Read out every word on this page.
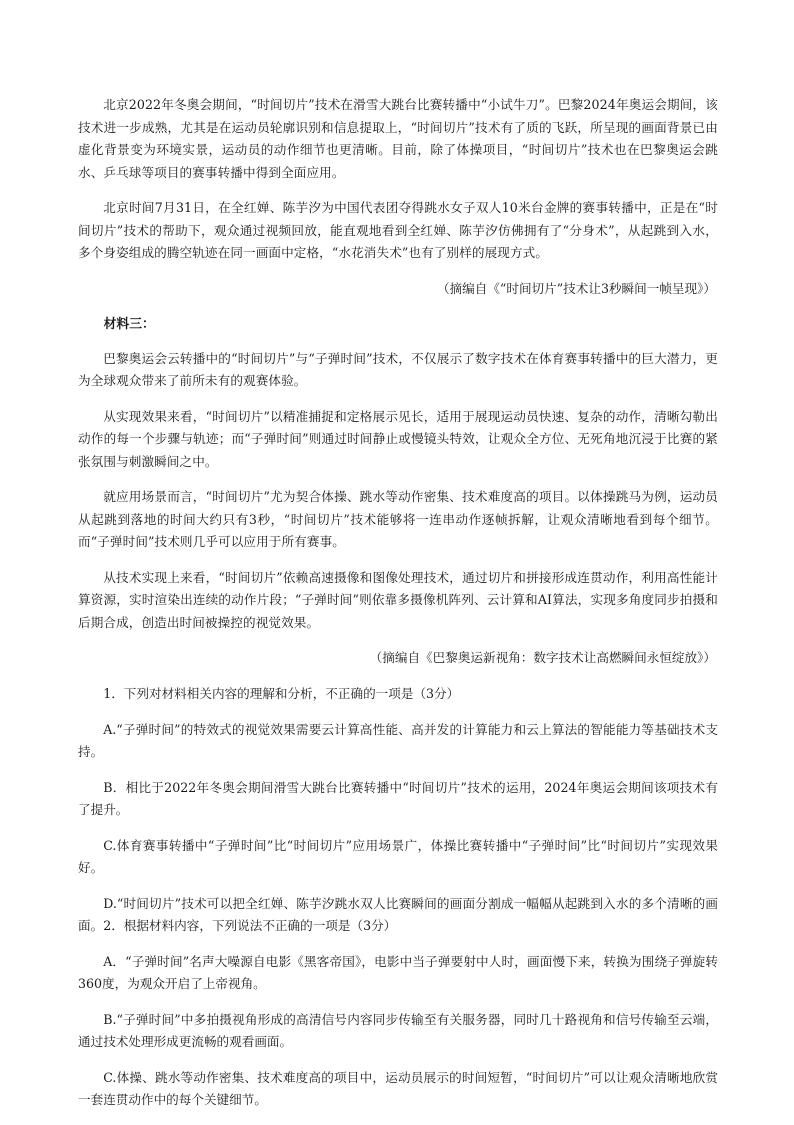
北京2022年冬奥会期间，“时间切片”技术在滑雪大跳台比赛转播中“小试牛刀”。巴黎2024年奥运会期间，该技术进一步成熟，尤其是在运动员轮廓识别和信息提取上，“时间切片”技术有了质的飞跃，所呈现的画面背景已由虚化背景变为环境实景，运动员的动作细节也更清晰。目前，除了体操项目，“时间切片”技术也在巴黎奥运会跳水、乒乓球等项目的赛事转播中得到全面应用。

北京时间7月31日，在全红婵、陈芋汐为中国代表团夺得跳水女子双人10米台金牌的赛事转播中，正是在“时间切片”技术的帮助下，观众通过视频回放，能直观地看到全红婵、陈芋汐仿佛拥有了“分身术”，从起跳到入水，多个身姿组成的腾空轨迹在同一画面中定格，“水花消失术”也有了别样的展现方式。

（摘编自《“时间切片”技术让3秒瞬间一帧呈现》）

材料三：

巴黎奥运会云转播中的“时间切片”与“子弹时间”技术，不仅展示了数字技术在体育赛事转播中的巨大潜力，更为全球观众带来了前所未有的观赛体验。

从实现效果来看，“时间切片”以精准捕捉和定格展示见长，适用于展现运动员快速、复杂的动作，清晰勾勒出动作的每一个步骤与轨迹；而“子弹时间”则通过时间静止或慢镜头特效，让观众全方位、无死角地沉浸于比赛的紧张氛围与刺激瞬间之中。

就应用场景而言，“时间切片”尤为契合体操、跳水等动作密集、技术难度高的项目。以体操跳马为例，运动员从起跳到落地的时间大约只有3秒，“时间切片”技术能够将一连串动作逐帧拆解，让观众清晰地看到每个细节。而“子弹时间”技术则几乎可以应用于所有赛事。

从技术实现上来看，“时间切片”依赖高速摄像和图像处理技术，通过切片和拼接形成连贯动作，利用高性能计算资源，实时渲染出连续的动作片段；“子弹时间”则依靠多摄像机阵列、云计算和AI算法，实现多角度同步拍摄和后期合成，创造出时间被操控的视觉效果。

（摘编自《巴黎奥运新视角：数字技术让高燃瞬间永恒绽放》）

1．下列对材料相关内容的理解和分析，不正确的一项是（3分）

A.“子弹时间”的特效式的视觉效果需要云计算高性能、高并发的计算能力和云上算法的智能能力等基础技术支持。

B．相比于2022年冬奥会期间滑雪大跳台比赛转播中“时间切片”技术的运用，2024年奥运会期间该项技术有了提升。

C.体育赛事转播中“子弹时间”比“时间切片”应用场景广，体操比赛转播中“子弹时间”比“时间切片”实现效果好。

D.“时间切片”技术可以把全红婵、陈芋汐跳水双人比赛瞬间的画面分割成一幅幅从起跳到入水的多个清晰的画面。2．根据材料内容，下列说法不正确的一项是（3分）

A．“子弹时间”名声大噪源自电影《黑客帝国》，电影中当子弹要射中人时，画面慢下来，转换为围绕子弹旋转360度，为观众开启了上帝视角。

B.“子弹时间”中多拍摄视角形成的高清信号内容同步传输至有关服务器，同时几十路视角和信号传输至云端，通过技术处理形成更流畅的观看画面。

C.体操、跳水等动作密集、技术难度高的项目中，运动员展示的时间短暂，“时间切片”可以让观众清晰地欣赏一套连贯动作中的每个关键细节。
